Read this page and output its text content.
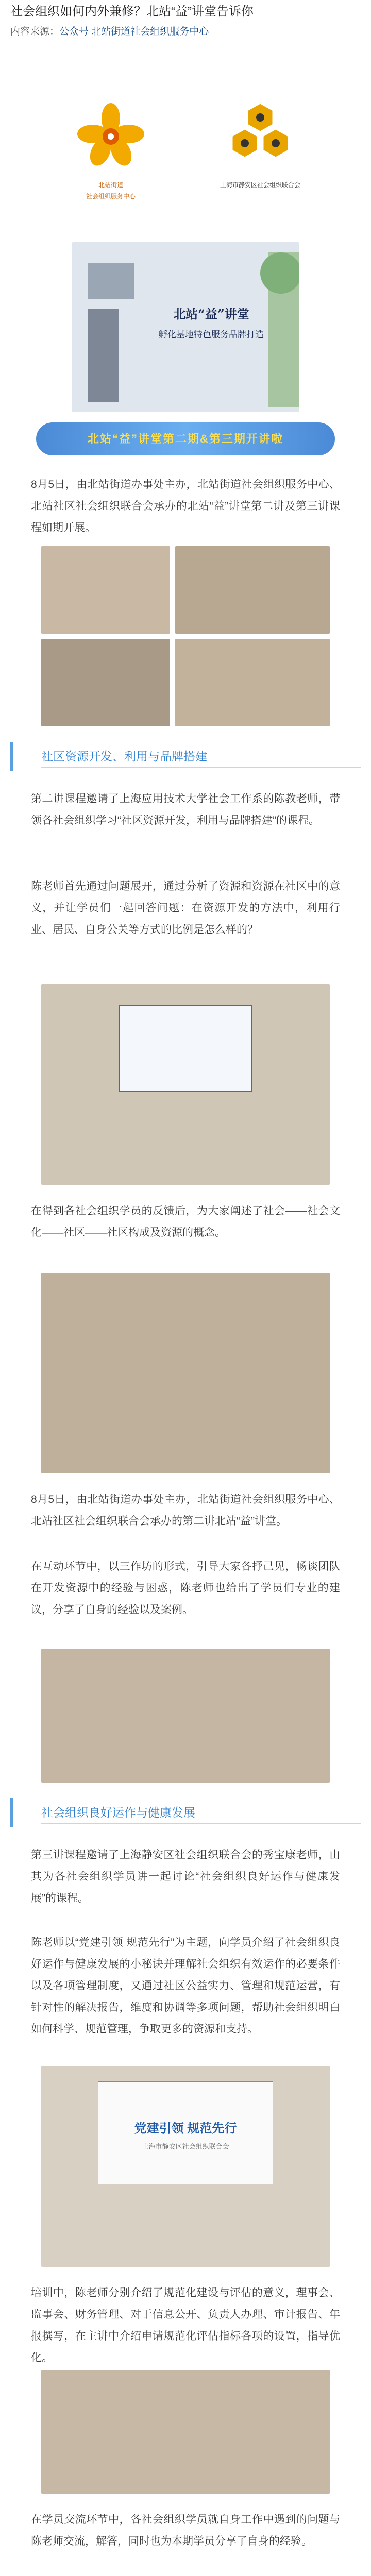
社会组织如何内外兼修？北站“益”讲堂告诉你
内容来源：公众号 北站街道社会组织服务中心
北站街道
社会组织服务中心
上海市静安区社会组织联合会
北站“益”讲堂
孵化基地特色服务品牌打造
北站“益”讲堂第二期&第三期开讲啦
8月5日，由北站街道办事处主办，北站街道社会组织服务中心、北站社区社会组织联合会承办的北站“益”讲堂第二讲及第三讲课程如期开展。
社区资源开发、利用与品牌搭建
第二讲课程邀请了上海应用技术大学社会工作系的陈教老师，带领各社会组织学习“社区资源开发，利用与品牌搭建”的课程。
陈老师首先通过问题展开，通过分析了资源和资源在社区中的意义，并让学员们一起回答问题：在资源开发的方法中，利用行业、居民、自身公关等方式的比例是怎么样的？
在得到各社会组织学员的反馈后，为大家阐述了社会——社会文化——社区——社区构成及资源的概念。
8月5日，由北站街道办事处主办，北站街道社会组织服务中心、北站社区社会组织联合会承办的第二讲北站“益”讲堂。
在互动环节中，以三作坊的形式，引导大家各抒己见，畅谈团队在开发资源中的经验与困惑，陈老师也给出了学员们专业的建议，分享了自身的经验以及案例。
社会组织良好运作与健康发展
第三讲课程邀请了上海静安区社会组织联合会的秀宝康老师，由其为各社会组织学员讲一起讨论“社会组织良好运作与健康发展”的课程。
陈老师以“党建引领 规范先行”为主题，向学员介绍了社会组织良好运作与健康发展的小秘诀并理解社会组织有效运作的必要条件以及各项管理制度，又通过社区公益实力、管理和规范运营，有针对性的解决报告，维度和协调等多项问题，帮助社会组织明白如何科学、规范管理，争取更多的资源和支持。
党建引领 规范先行
上海市静安区社会组织联合会
培训中，陈老师分别介绍了规范化建设与评估的意义，理事会、监事会、财务管理、对于信息公开、负责人办理、审计报告、年报撰写，在主讲中介绍申请规范化评估指标各项的设置，指导优化。
在学员交流环节中，各社会组织学员就自身工作中遇到的问题与陈老师交流，解答，同时也为本期学员分享了自身的经验。
